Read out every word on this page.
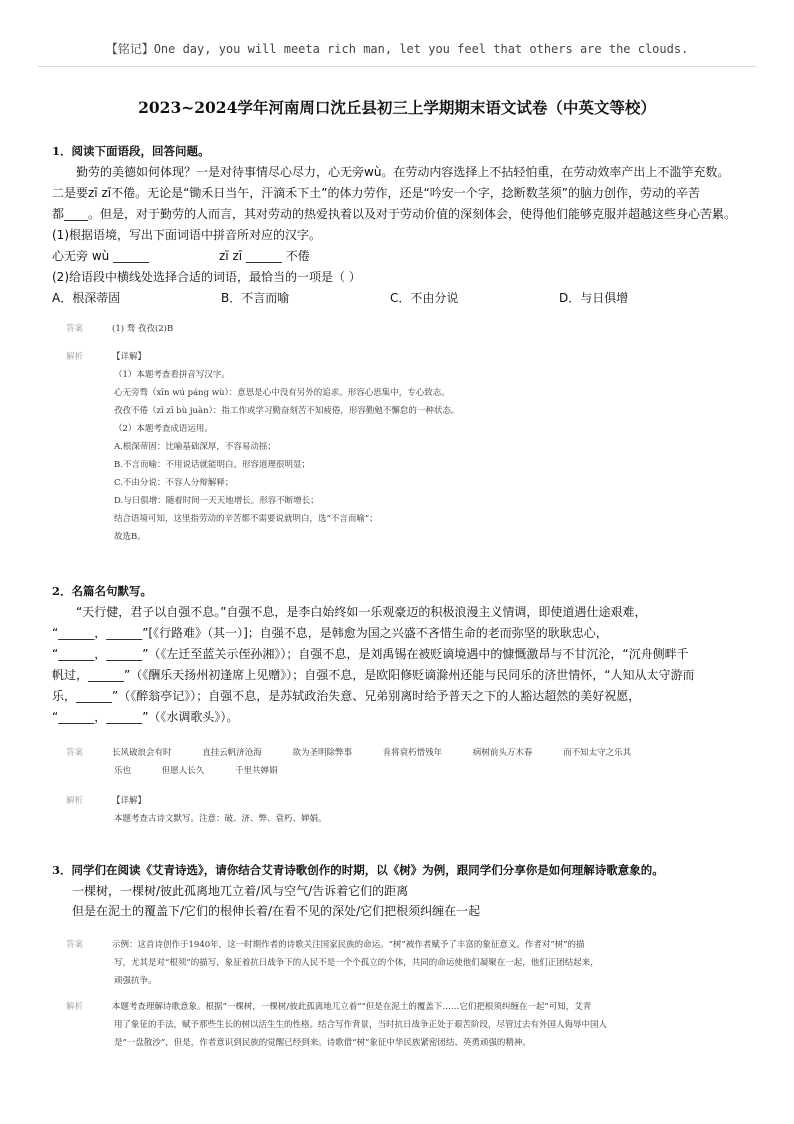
【铭记】One day, you will meeta rich man, let you feel that others are the clouds.
2023~2024学年河南周口沈丘县初三上学期期末语文试卷（中英文等校）
1．阅读下面语段，回答问题。
勤劳的美德如何体现？一是对待事情尽心尽力，心无旁wù。在劳动内容选择上不拈轻怕重，在劳动效率产出上不滥竽充数。
二是要zī zī不倦。无论是“锄禾日当午，汗滴禾下土”的体力劳作，还是“吟安一个字，捻断数茎须”的脑力创作，劳动的辛苦
都____。但是，对于勤劳的人而言，其对劳动的热爱执着以及对于劳动价值的深刻体会，使得他们能够克服并超越这些身心苦累。
(1)根据语境，写出下面词语中拼音所对应的汉字。
心无旁 wù ______	zī zī ______ 不倦
(2)给语段中横线处选择合适的词语，最恰当的一项是（ ）
A．根深蒂固	B．不言而喻	C．不由分说	D．与日俱增
答案	(1) 骛 孜孜(2)B
解析	【详解】
（1）本题考查看拼音写汉字。
心无旁骛（xīn wú páng wù）：意思是心中没有另外的追求。形容心思集中，专心致志。
孜孜不倦（zī zī bù juàn）：指工作或学习勤奋刻苦不知疲倦，形容勤勉不懈怠的一种状态。
（2）本题考查成语运用。
A.根深蒂固：比喻基础深厚，不容易动摇；
B.不言而喻：不用说话就能明白。形容道理很明显；
C.不由分说：不容人分辩解释；
D.与日俱增：随着时间一天天地增长。形容不断增长；
结合语境可知，这里指劳动的辛苦都不需要说就明白，选“不言而喻”；
故选B。
2．名篇名句默写。
“天行健，君子以自强不息。”自强不息，是李白始终如一乐观豪迈的积极浪漫主义情调，即使道遇仕途艰难，
“______，______”[《行路难》（其一）]；自强不息，是韩愈为国之兴盛不吝惜生命的老而弥坚的耿耿忠心，
“______，______”（《左迁至蓝关示侄孙湘》）；自强不息，是刘禹锡在被贬谪境遇中的慷慨激昂与不甘沉沦，“沉舟侧畔千
帆过，______”（《酬乐天扬州初逢席上见赠》）；自强不息，是欧阳修贬谪滁州还能与民同乐的济世情怀，“人知从太守游而
乐，______”（《醉翁亭记》）；自强不息，是苏轼政治失意、兄弟别离时给予普天之下的人豁达超然的美好祝愿，
“______，______”（《水调歌头》）。
答案	长风破浪会有时	直挂云帆济沧海	欲为圣明除弊事	肯将衰朽惜残年	病树前头万木春	而不知太守之乐其
乐也	但愿人长久	千里共婵娟
解析	【详解】
本题考查古诗文默写。注意：破、济、弊、衰朽、婵娟。
3．同学们在阅读《艾青诗选》，请你结合艾青诗歌创作的时期，以《树》为例，跟同学们分享你是如何理解诗歌意象的。
一棵树，一棵树/彼此孤离地兀立着/风与空气/告诉着它们的距离
但是在泥土的覆盖下/它们的根伸长着/在看不见的深处/它们把根须纠缠在一起
答案	示例：这首诗创作于1940年，这一时期作者的诗歌关注国家民族的命运。“树”被作者赋予了丰富的象征意义。作者对“树”的描
写，尤其是对“根须”的描写，象征着抗日战争下的人民不是一个个孤立的个体，共同的命运使他们凝聚在一起，他们正团结起来，
顽强抗争。
解析	本题考查理解诗歌意象。根据“一棵树，一棵树/彼此孤离地兀立着”“但是在泥土的覆盖下……它们把根须纠缠在一起”可知，艾青
用了象征的手法，赋予那些生长的树以活生生的性格。结合写作背景，当时抗日战争正处于艰苦阶段，尽管过去有外国人侮辱中国人
是“一盘散沙”，但是，作者意识到民族的觉醒已经到来。诗歌借“树”象征中华民族紧密团结、英勇顽强的精神。
